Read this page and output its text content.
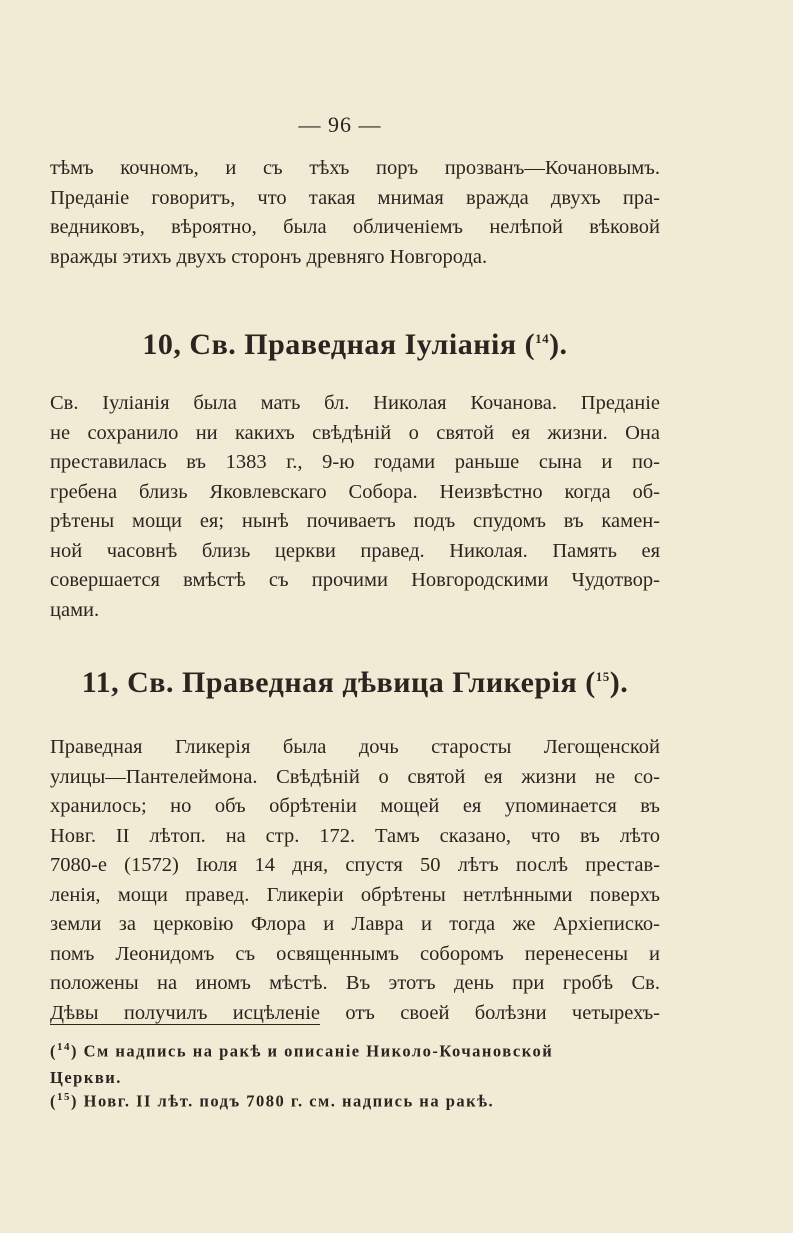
— 96 —

тѣмъ кочномъ, и съ тѣхъ поръ прозванъ—Кочановымъ.
Преданіе говоритъ, что такая мнимая вражда двухъ пра-
ведниковъ, вѣроятно, была обличеніемъ нелѣпой вѣковой
вражды этихъ двухъ сторонъ древняго Новгорода.

10, Св. Праведная Іуліанія ($^{14}$).

Св. Іуліанія была мать бл. Николая Кочанова. Преданіе
не сохранило ни какихъ свѣдѣній о святой ея жизни. Она
преставилась въ 1383 г., 9-ю годами раньше сына и по-
гребена близь Яковлевскаго Собора. Неизвѣстно когда об-
рѣтены мощи ея; нынѣ почиваетъ подъ спудомъ въ камен-
ной часовнѣ близь церкви правед. Николая. Память ея
совершается вмѣстѣ съ прочими Новгородскими Чудотвор-
цами.

11, Св. Праведная дѣвица Гликерія ($^{15}$).

Праведная Гликерія была дочь старосты Легощенской
улицы—Пантелеймона. Свѣдѣній о святой ея жизни не со-
хранилось; но объ обрѣтеніи мощей ея упоминается въ
Новг. II лѣтоп. на стр. 172. Тамъ сказано, что въ лѣто
7080-е (1572) Іюля 14 дня, спустя 50 лѣтъ послѣ престав-
ленія, мощи правед. Гликеріи обрѣтены нетлѣнными поверхъ
земли за церковію Флора и Лавра и тогда же Архіеписко-
помъ Леонидомъ съ освященнымъ соборомъ перенесены и
положены на иномъ мѣстѣ. Въ этотъ день при гробѣ Св.
Дѣвы получилъ исцѣленіе отъ своей болѣзни четырехъ-

($^{14}$) См надпись на ракѣ и описаніе Николо-Кочановской
Церкви.

($^{15}$) Новг. II лѣт. подъ 7080 г. см. надпись на ракѣ.
